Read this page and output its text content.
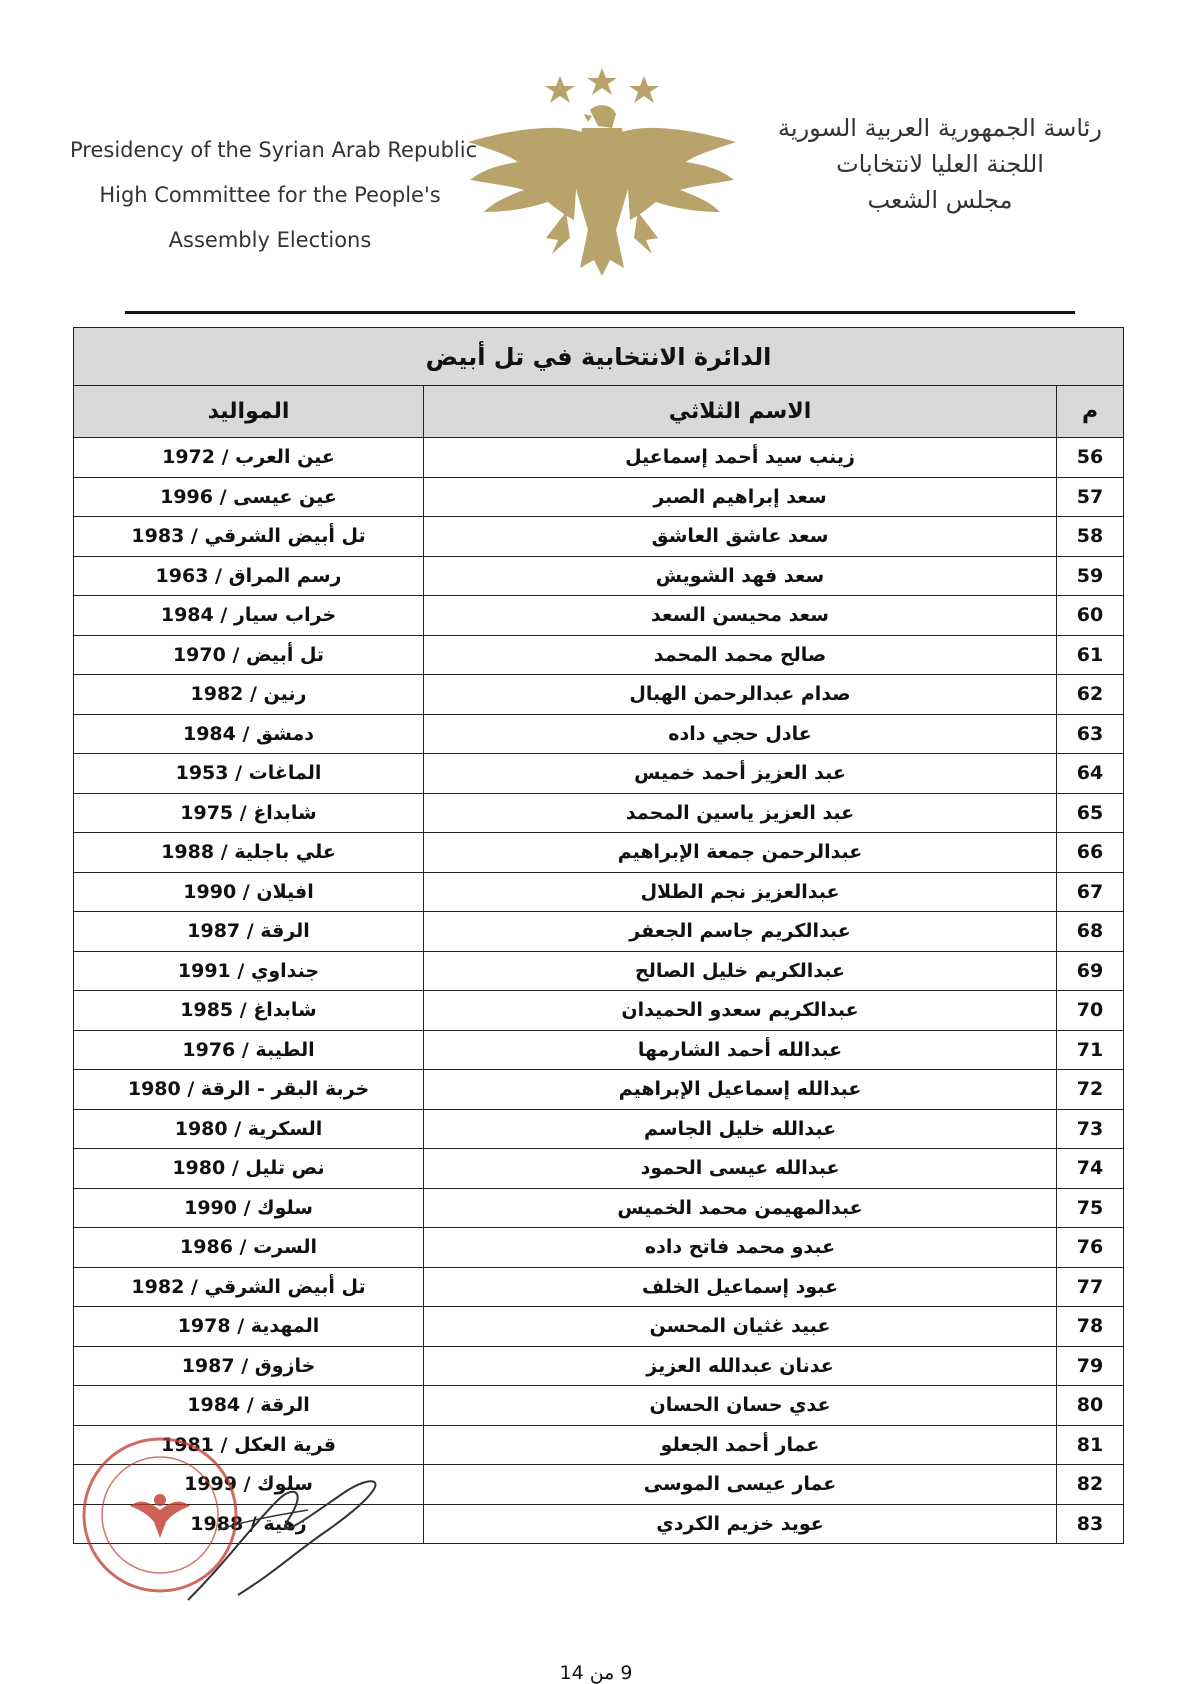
Presidency of the Syrian Arab Republic
High Committee for the People's
Assembly Elections
رئاسة الجمهورية العربية السورية
اللجنة العليا لانتخابات
مجلس الشعب
الدائرة الانتخابية في تل أبيض		
م	الاسم الثلاثي	المواليد
56	زينب سيد أحمد إسماعيل	عين العرب / 1972
57	سعد إبراهيم الصبر	عين عيسى / 1996
58	سعد عاشق العاشق	تل أبيض الشرقي / 1983
59	سعد فهد الشويش	رسم المراق / 1963
60	سعد محيسن السعد	خراب سيار / 1984
61	صالح محمد المحمد	تل أبيض / 1970
62	صدام عبدالرحمن الهبال	رنين / 1982
63	عادل حجي داده	دمشق / 1984
64	عبد العزيز أحمد خميس	الماغات / 1953
65	عبد العزيز ياسين المحمد	شابداغ / 1975
66	عبدالرحمن جمعة الإبراهيم	علي باجلية / 1988
67	عبدالعزيز نجم الطلال	افيلان / 1990
68	عبدالكريم جاسم الجعفر	الرقة / 1987
69	عبدالكريم خليل الصالح	جنداوي / 1991
70	عبدالكريم سعدو الحميدان	شابداغ / 1985
71	عبدالله أحمد الشارمها	الطيبة / 1976
72	عبدالله إسماعيل الإبراهيم	خربة البقر - الرقة / 1980
73	عبدالله خليل الجاسم	السكرية / 1980
74	عبدالله عيسى الحمود	نص تليل / 1980
75	عبدالمهيمن محمد الخميس	سلوك / 1990
76	عبدو محمد فاتح داده	السرت / 1986
77	عبود إسماعيل الخلف	تل أبيض الشرقي / 1982
78	عبيد غثيان المحسن	المهدية / 1978
79	عدنان عبدالله العزيز	خازوق / 1987
80	عدي حسان الحسان	الرقة / 1984
81	عمار أحمد الجعلو	قرية العكل / 1981
82	عمار عيسى الموسى	سلوك / 1999
83	عويد خزيم الكردي	زهية / 1988
9 من 14
